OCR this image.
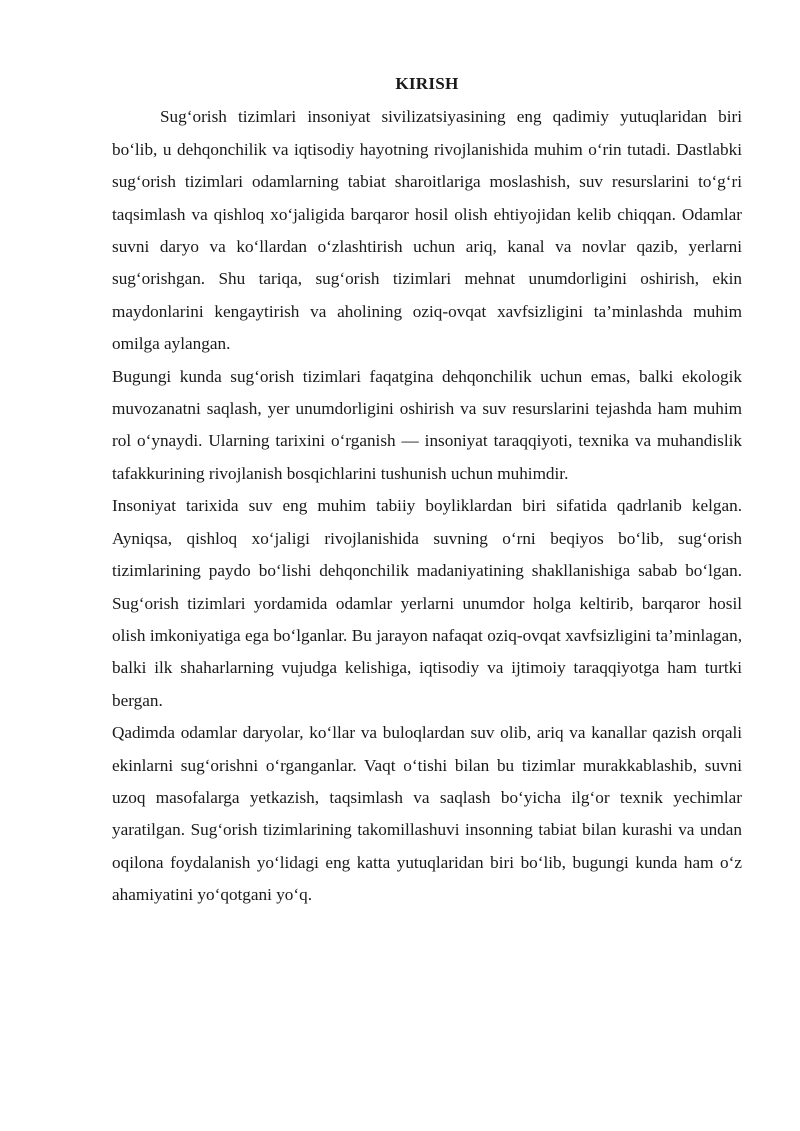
KIRISH

Sug‘orish tizimlari insoniyat sivilizatsiyasining eng qadimiy yutuqlaridan biri bo‘lib, u dehqonchilik va iqtisodiy hayotning rivojlanishida muhim o‘rin tutadi. Dastlabki sug‘orish tizimlari odamlarning tabiat sharoitlariga moslashish, suv resurslarini to‘g‘ri taqsimlash va qishloq xo‘jaligida barqaror hosil olish ehtiyojidan kelib chiqqan. Odamlar suvni daryo va ko‘llardan o‘zlashtirish uchun ariq, kanal va novlar qazib, yerlarni sug‘orishgan. Shu tariqa, sug‘orish tizimlari mehnat unumdorligini oshirish, ekin maydonlarini kengaytirish va aholining oziq-ovqat xavfsizligini ta’minlashda muhim omilga aylangan.

Bugungi kunda sug‘orish tizimlari faqatgina dehqonchilik uchun emas, balki ekologik muvozanatni saqlash, yer unumdorligini oshirish va suv resurslarini tejashda ham muhim rol o‘ynaydi. Ularning tarixini o‘rganish — insoniyat taraqqiyoti, texnika va muhandislik tafakkurining rivojlanish bosqichlarini tushunish uchun muhimdir.

Insoniyat tarixida suv eng muhim tabiiy boyliklardan biri sifatida qadrlanib kelgan. Ayniqsa, qishloq xo‘jaligi rivojlanishida suvning o‘rni beqiyos bo‘lib, sug‘orish tizimlarining paydo bo‘lishi dehqonchilik madaniyatining shakllanishiga sabab bo‘lgan. Sug‘orish tizimlari yordamida odamlar yerlarni unumdor holga keltirib, barqaror hosil olish imkoniyatiga ega bo‘lganlar. Bu jarayon nafaqat oziq-ovqat xavfsizligini ta’minlagan, balki ilk shaharlarning vujudga kelishiga, iqtisodiy va ijtimoiy taraqqiyotga ham turtki bergan.

Qadimda odamlar daryolar, ko‘llar va buloqlardan suv olib, ariq va kanallar qazish orqali ekinlarni sug‘orishni o‘rganganlar. Vaqt o‘tishi bilan bu tizimlar murakkablashib, suvni uzoq masofalarga yetkazish, taqsimlash va saqlash bo‘yicha ilg‘or texnik yechimlar yaratilgan. Sug‘orish tizimlarining takomillashuvi insonning tabiat bilan kurashi va undan oqilona foydalanish yo‘lidagi eng katta yutuqlaridan biri bo‘lib, bugungi kunda ham o‘z ahamiyatini yo‘qotgani yo‘q.
